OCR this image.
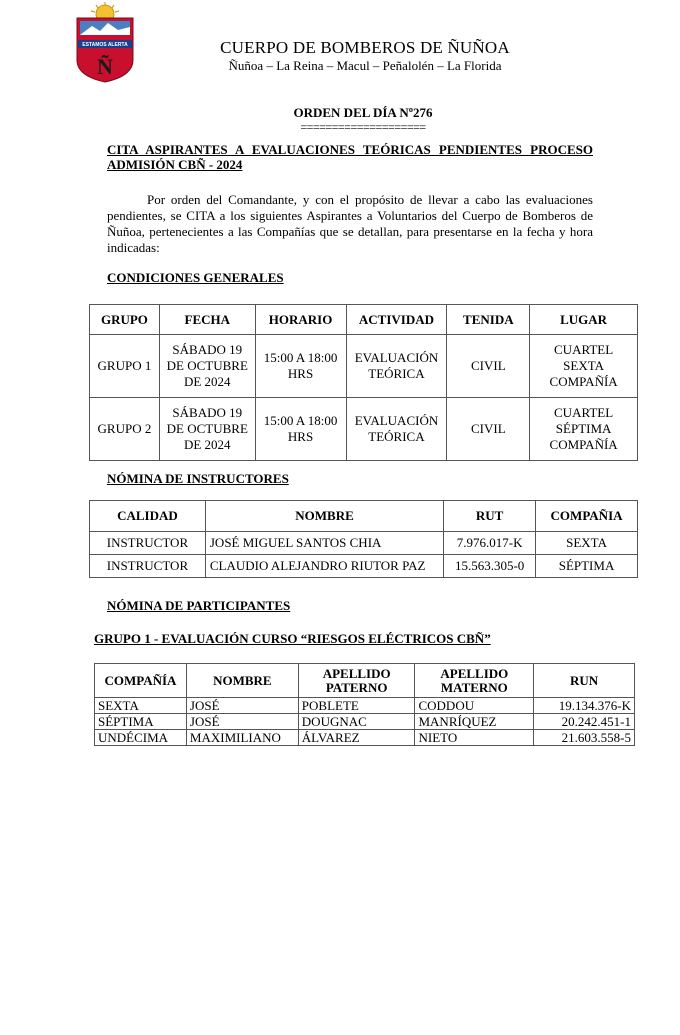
ESTAMOS ALERTA
Ñ
CUERPO DE BOMBEROS DE ÑUÑOA
Ñuñoa – La Reina – Macul – Peñalolén – La Florida
ORDEN DEL DÍA Nº276
====================
CITA ASPIRANTES A EVALUACIONES TEÓRICAS PENDIENTES PROCESO ADMISIÓN CBÑ - 2024
Por orden del Comandante, y con el propósito de llevar a cabo las evaluaciones pendientes, se CITA a los siguientes Aspirantes a Voluntarios del Cuerpo de Bomberos de Ñuñoa, pertenecientes a las Compañías que se detallan, para presentarse en la fecha y hora indicadas:
CONDICIONES GENERALES
GRUPO	FECHA	HORARIO	ACTIVIDAD	TENIDA	LUGAR
GRUPO 1	SÁBADO 19 DE OCTUBRE DE 2024	15:00 A 18:00 HRS	EVALUACIÓN TEÓRICA	CIVIL	CUARTEL SEXTA COMPAÑÍA
GRUPO 2	SÁBADO 19 DE OCTUBRE DE 2024	15:00 A 18:00 HRS	EVALUACIÓN TEÓRICA	CIVIL	CUARTEL SÉPTIMA COMPAÑÍA
NÓMINA DE INSTRUCTORES
CALIDAD	NOMBRE	RUT	COMPAÑIA
INSTRUCTOR	JOSÉ MIGUEL SANTOS CHIA	7.976.017-K	SEXTA
INSTRUCTOR	CLAUDIO ALEJANDRO RIUTOR PAZ	15.563.305-0	SÉPTIMA
NÓMINA DE PARTICIPANTES
GRUPO 1 - EVALUACIÓN CURSO “RIESGOS ELÉCTRICOS CBÑ”
COMPAÑÍA	NOMBRE	APELLIDO PATERNO	APELLIDO MATERNO	RUN
SEXTA	JOSÉ	POBLETE	CODDOU	19.134.376-K
SÉPTIMA	JOSÉ	DOUGNAC	MANRÍQUEZ	20.242.451-1
UNDÉCIMA	MAXIMILIANO	ÁLVAREZ	NIETO	21.603.558-5
